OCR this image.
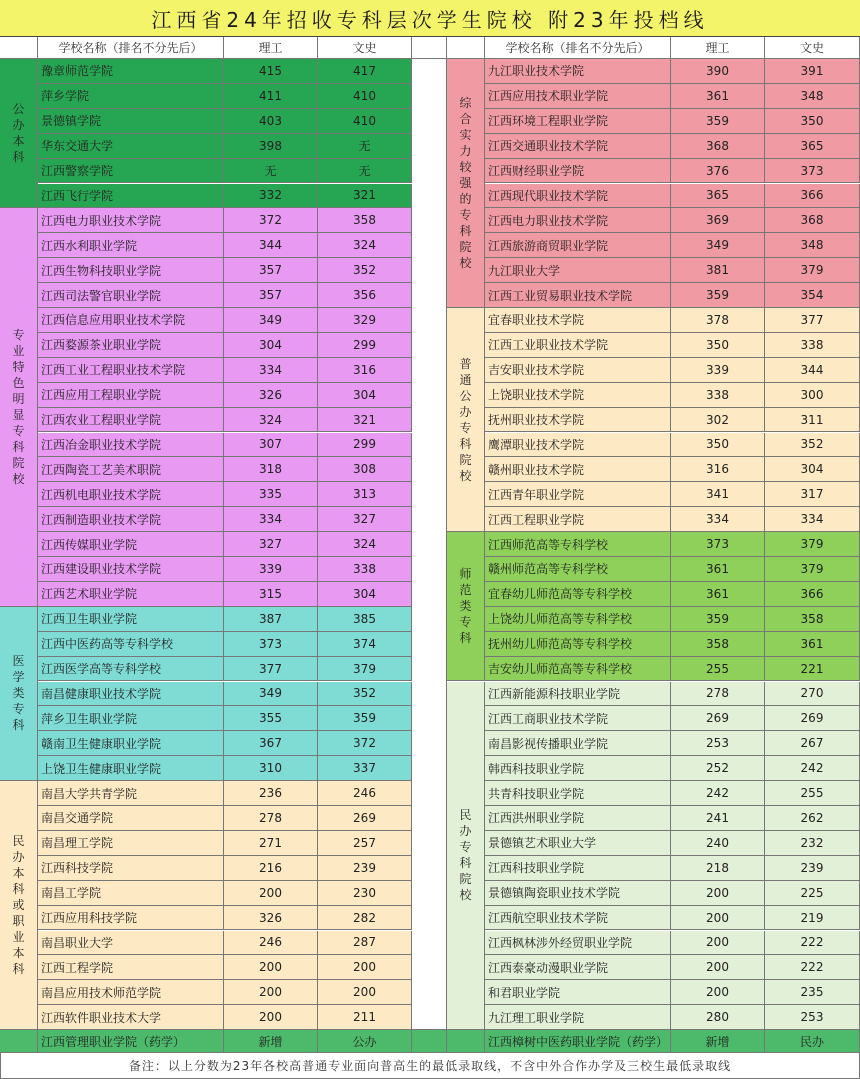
江西省24年招收专科层次学生院校 附23年投档线
学校名称（排名不分先后）	理工	文史
公
办
本
科
豫章师范学院	415	417
萍乡学院	411	410
景德镇学院	403	410
华东交通大学	398	无
江西警察学院	无	无
江西飞行学院	332	321
专
业
特
色
明
显
专
科
院
校
江西电力职业技术学院	372	358
江西水利职业学院	344	324
江西生物科技职业学院	357	352
江西司法警官职业学院	357	356
江西信息应用职业技术学院	349	329
江西婺源茶业职业学院	304	299
江西工业工程职业技术学院	334	316
江西应用工程职业学院	326	304
江西农业工程职业学院	324	321
江西冶金职业技术学院	307	299
江西陶瓷工艺美术职院	318	308
江西机电职业技术学院	335	313
江西制造职业技术学院	334	327
江西传媒职业学院	327	324
江西建设职业技术学院	339	338
江西艺术职业学院	315	304
医
学
类
专
科
江西卫生职业学院	387	385
江西中医药高等专科学校	373	374
江西医学高等专科学校	377	379
南昌健康职业技术学院	349	352
萍乡卫生职业学院	355	359
赣南卫生健康职业学院	367	372
上饶卫生健康职业学院	310	337
民
办
本
科
或
职
业
本
科
南昌大学共青学院	236	246
南昌交通学院	278	269
南昌理工学院	271	257
江西科技学院	216	239
南昌工学院	200	230
江西应用科技学院	326	282
南昌职业大学	246	287
江西工程学院	200	200
南昌应用技术师范学院	200	200
江西软件职业技术大学	200	211
江西管理职业学院（药学）	新增	公办
学校名称（排名不分先后）	理工	文史
综
合
实
力
较
强
的
专
科
院
校
九江职业技术学院	390	391
江西应用技术职业学院	361	348
江西环境工程职业学院	359	350
江西交通职业技术学院	368	365
江西财经职业学院	376	373
江西现代职业技术学院	365	366
江西电力职业技术学院	369	368
江西旅游商贸职业学院	349	348
九江职业大学	381	379
江西工业贸易职业技术学院	359	354
普
通
公
办
专
科
院
校
宜春职业技术学院	378	377
江西工业职业技术学院	350	338
吉安职业技术学院	339	344
上饶职业技术学院	338	300
抚州职业技术学院	302	311
鹰潭职业技术学院	350	352
赣州职业技术学院	316	304
江西青年职业学院	341	317
江西工程职业学院	334	334
师
范
类
专
科
江西师范高等专科学校	373	379
赣州师范高等专科学校	361	379
宜春幼儿师范高等专科学校	361	366
上饶幼儿师范高等专科学校	359	358
抚州幼儿师范高等专科学校	358	361
吉安幼儿师范高等专科学校	255	221
民
办
专
科
院
校
江西新能源科技职业学院	278	270
江西工商职业技术学院	269	269
南昌影视传播职业学院	253	267
韩西科技职业学院	252	242
共青科技职业学院	242	255
江西洪州职业学院	241	262
景德镇艺术职业大学	240	232
江西科技职业学院	218	239
景德镇陶瓷职业技术学院	200	225
江西航空职业技术学院	200	219
江西枫林涉外经贸职业学院	200	222
江西泰豪动漫职业学院	200	222
和君职业学院	200	235
九江理工职业学院	280	253
江西樟树中医药职业学院（药学）	新增	民办
备注：以上分数为23年各校高普通专业面向普高生的最低录取线，不含中外合作办学及三校生最低录取线
